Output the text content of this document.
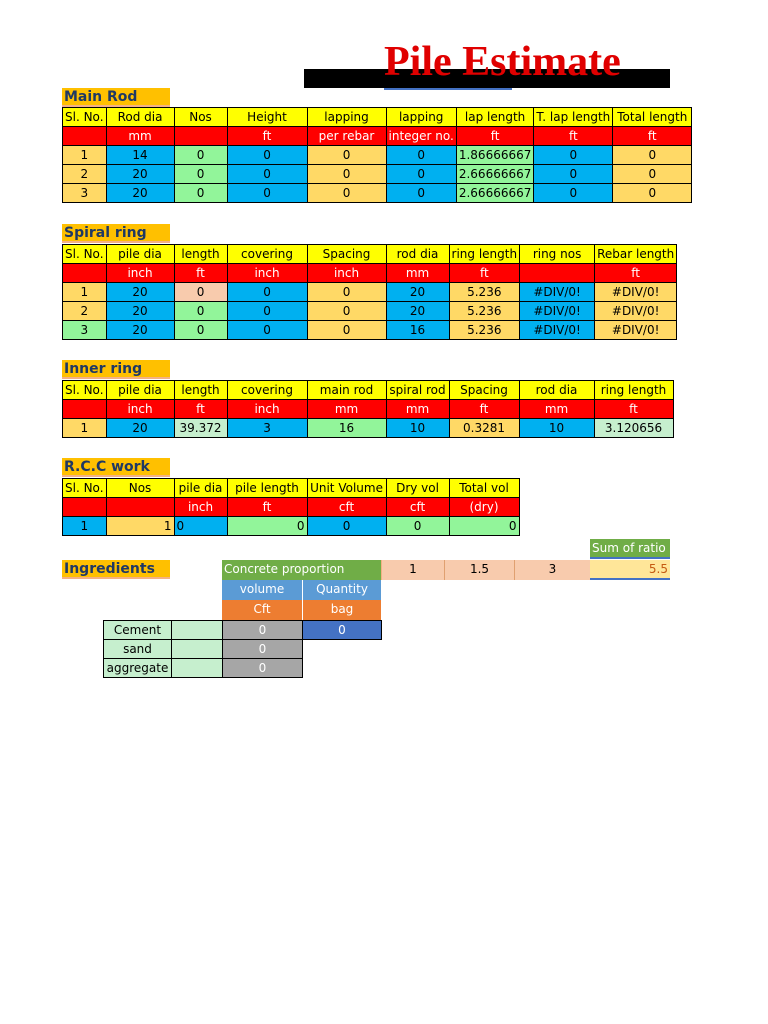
Pile Estimate
Main Rod
Sl. No.	Rod dia	Nos	Height	lapping	lapping	lap length	T. lap length	Total length
	mm		ft	per rebar	integer no.	ft	ft	ft
1	14	0	0	0	0	1.86666667	0	0
2	20	0	0	0	0	2.66666667	0	0
3	20	0	0	0	0	2.66666667	0	0
Spiral ring
Sl. No.	pile dia	length	covering	Spacing	rod dia	ring length	ring nos	Rebar length
	inch	ft	inch	inch	mm	ft		ft
1	20	0	0	0	20	5.236	#DIV/0!	#DIV/0!
2	20	0	0	0	20	5.236	#DIV/0!	#DIV/0!
3	20	0	0	0	16	5.236	#DIV/0!	#DIV/0!
Inner ring
Sl. No.	pile dia	length	covering	main rod	spiral rod	Spacing	rod dia	ring length
	inch	ft	inch	mm	mm	ft	mm	ft
1	20	39.372	3	16	10	0.3281	10	3.120656
R.C.C work
Sl. No.	Nos	pile dia	pile length	Unit Volume	Dry vol	Total vol
		inch	ft	cft	cft	(dry)
1	1	0	0	0	0	0
Ingredients
Sum of ratio
Concrete proportion	1	1.5	3	5.5
volume	Quantity
Cft	bag
Cement		0	0
sand		0	
aggregate		0	
